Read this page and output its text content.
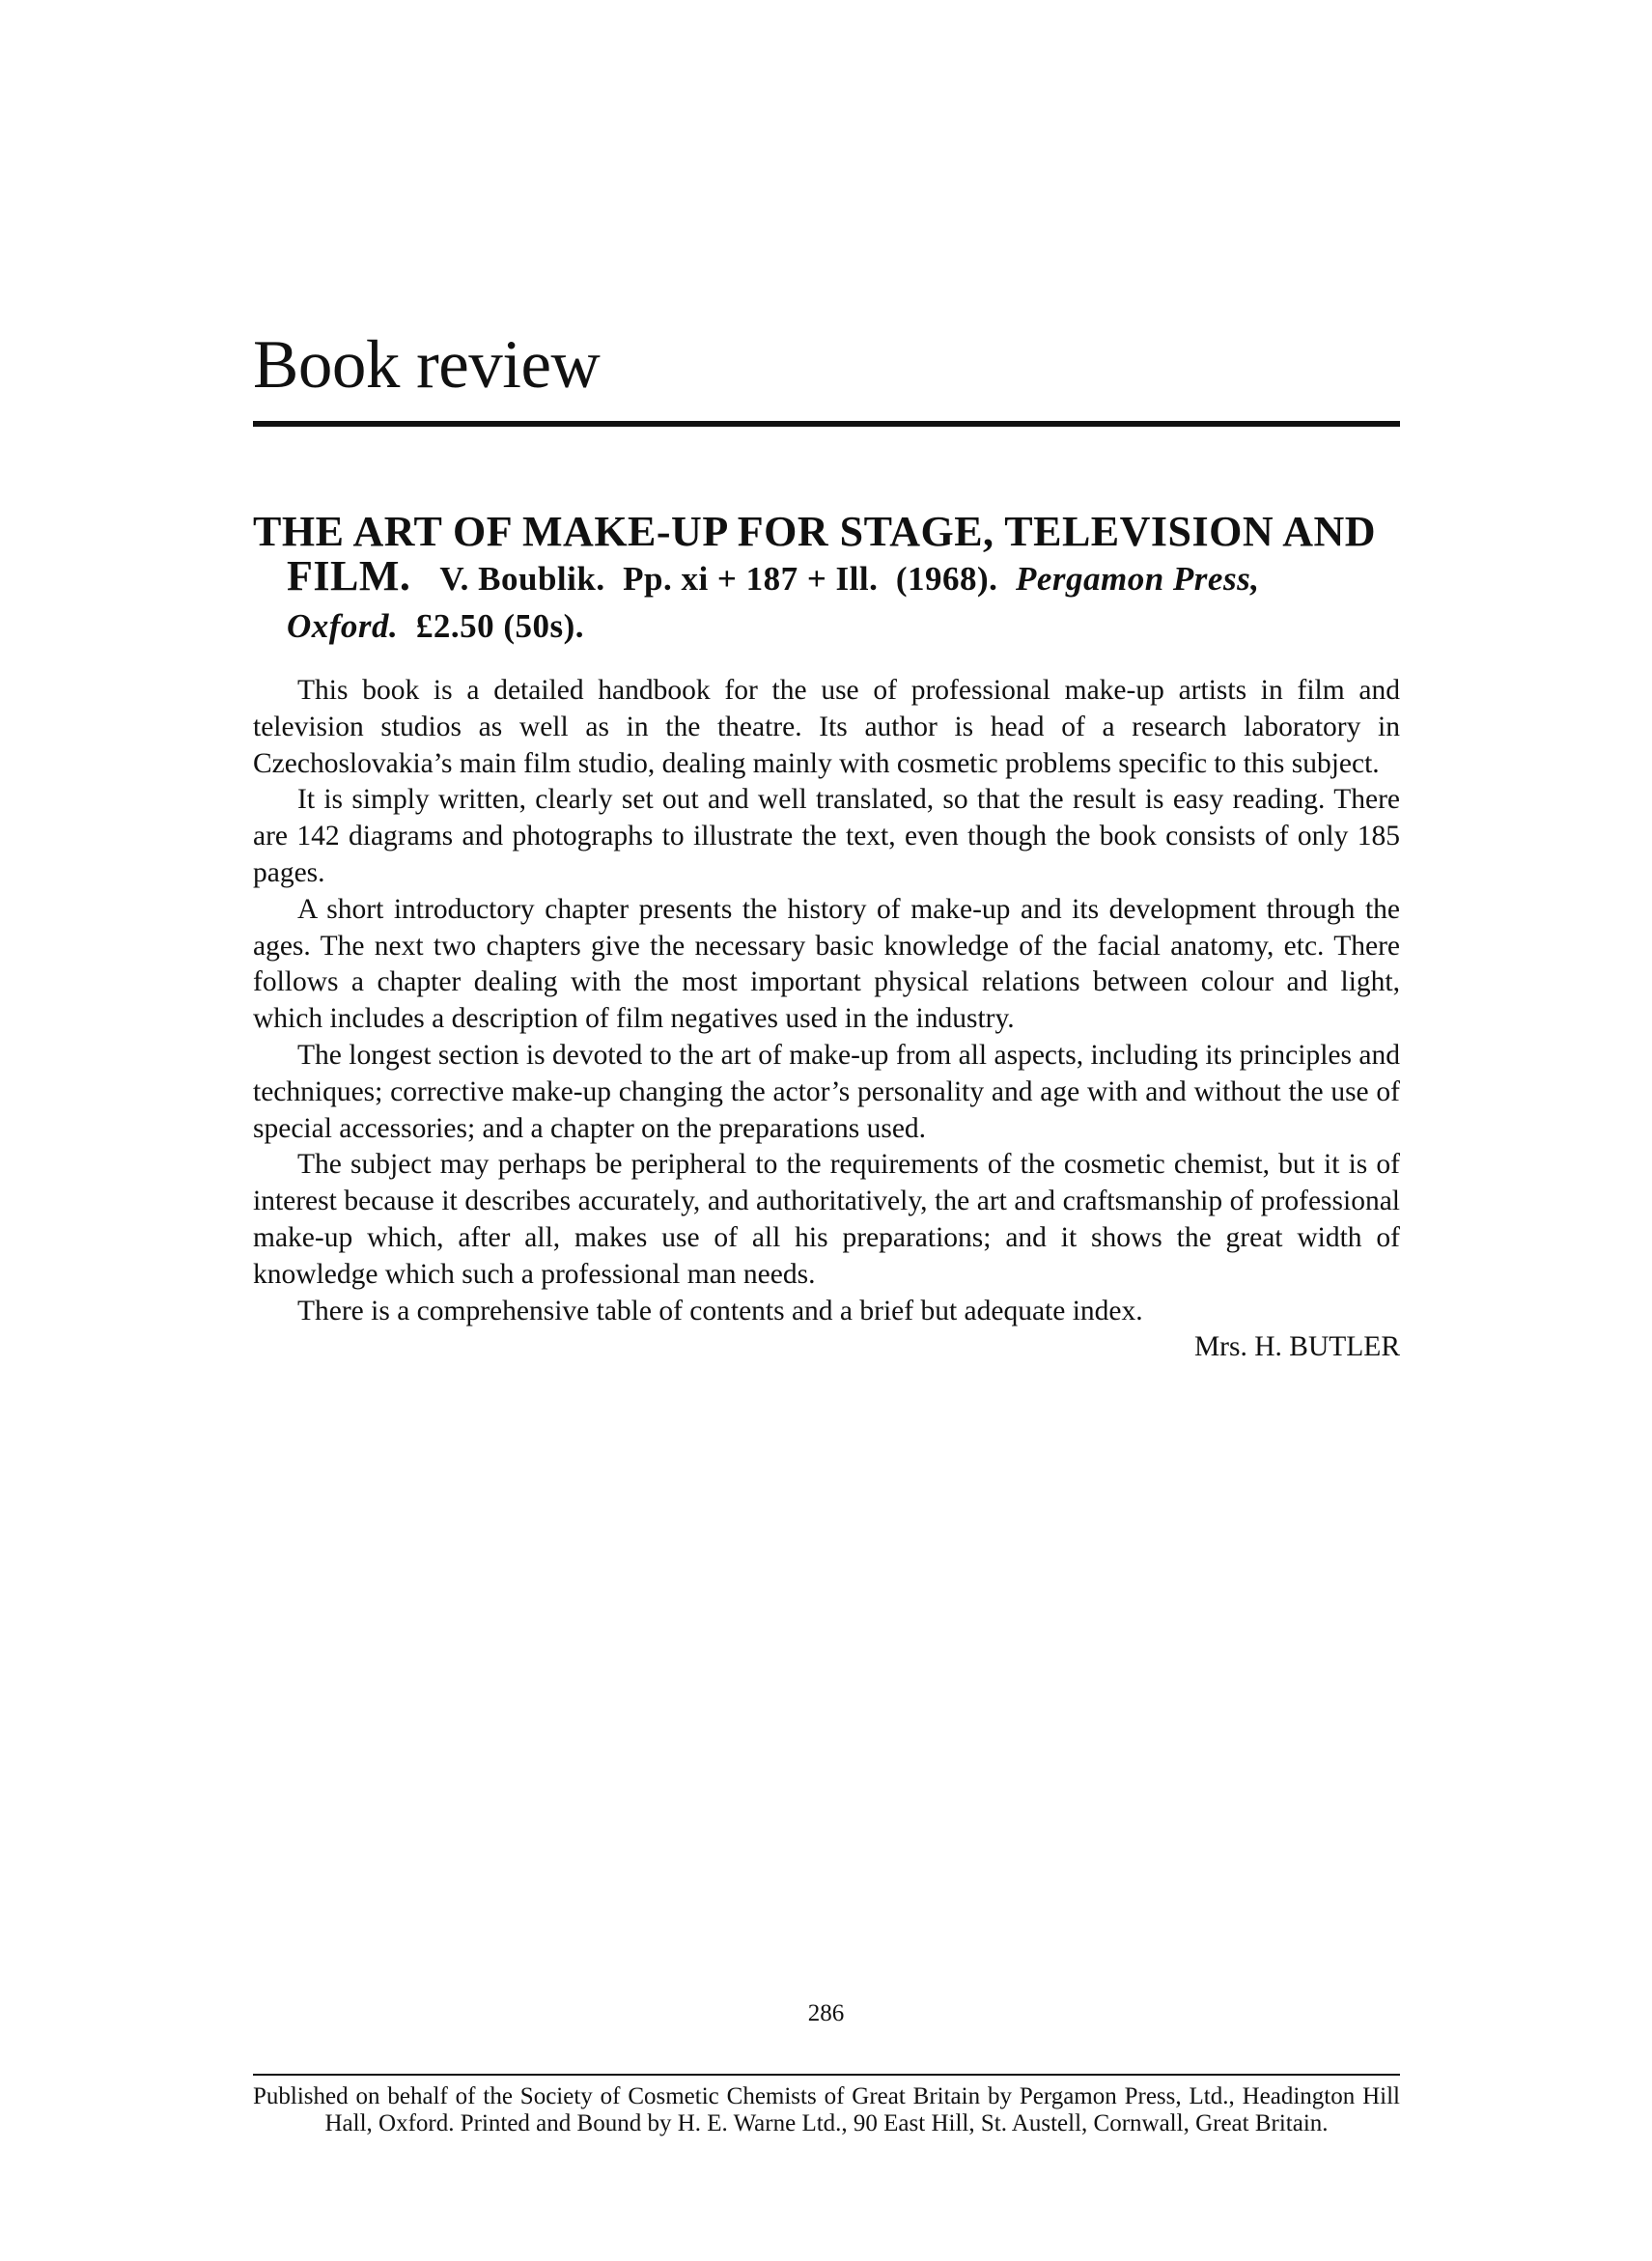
Book review
THE ART OF MAKE-UP FOR STAGE, TELEVISION AND
FILM. V. Boublik. Pp. xi + 187 + Ill. (1968). Pergamon Press,
Oxford. £2.50 (50s).

This book is a detailed handbook for the use of professional make-up artists in film and television studios as well as in the theatre. Its author is head of a research laboratory in Czechoslovakia’s main film studio, dealing mainly with cosmetic problems specific to this subject.

It is simply written, clearly set out and well translated, so that the result is easy reading. There are 142 diagrams and photographs to illustrate the text, even though the book consists of only 185 pages.

A short introductory chapter presents the history of make-up and its development through the ages. The next two chapters give the necessary basic knowledge of the facial anatomy, etc. There follows a chapter dealing with the most important physical relations between colour and light, which includes a description of film negatives used in the industry.

The longest section is devoted to the art of make-up from all aspects, including its principles and techniques; corrective make-up changing the actor’s personality and age with and without the use of special accessories; and a chapter on the preparations used.

The subject may perhaps be peripheral to the requirements of the cosmetic chemist, but it is of interest because it describes accurately, and authoritatively, the art and craftsmanship of professional make-up which, after all, makes use of all his preparations; and it shows the great width of knowledge which such a professional man needs.

There is a comprehensive table of contents and a brief but adequate index.

Mrs. H. BUTLER

286
Published on behalf of the Society of Cosmetic Chemists of Great Britain by Pergamon Press, Ltd., Headington Hill Hall, Oxford. Printed and Bound by H. E. Warne Ltd., 90 East Hill, St. Austell, Cornwall, Great Britain.
